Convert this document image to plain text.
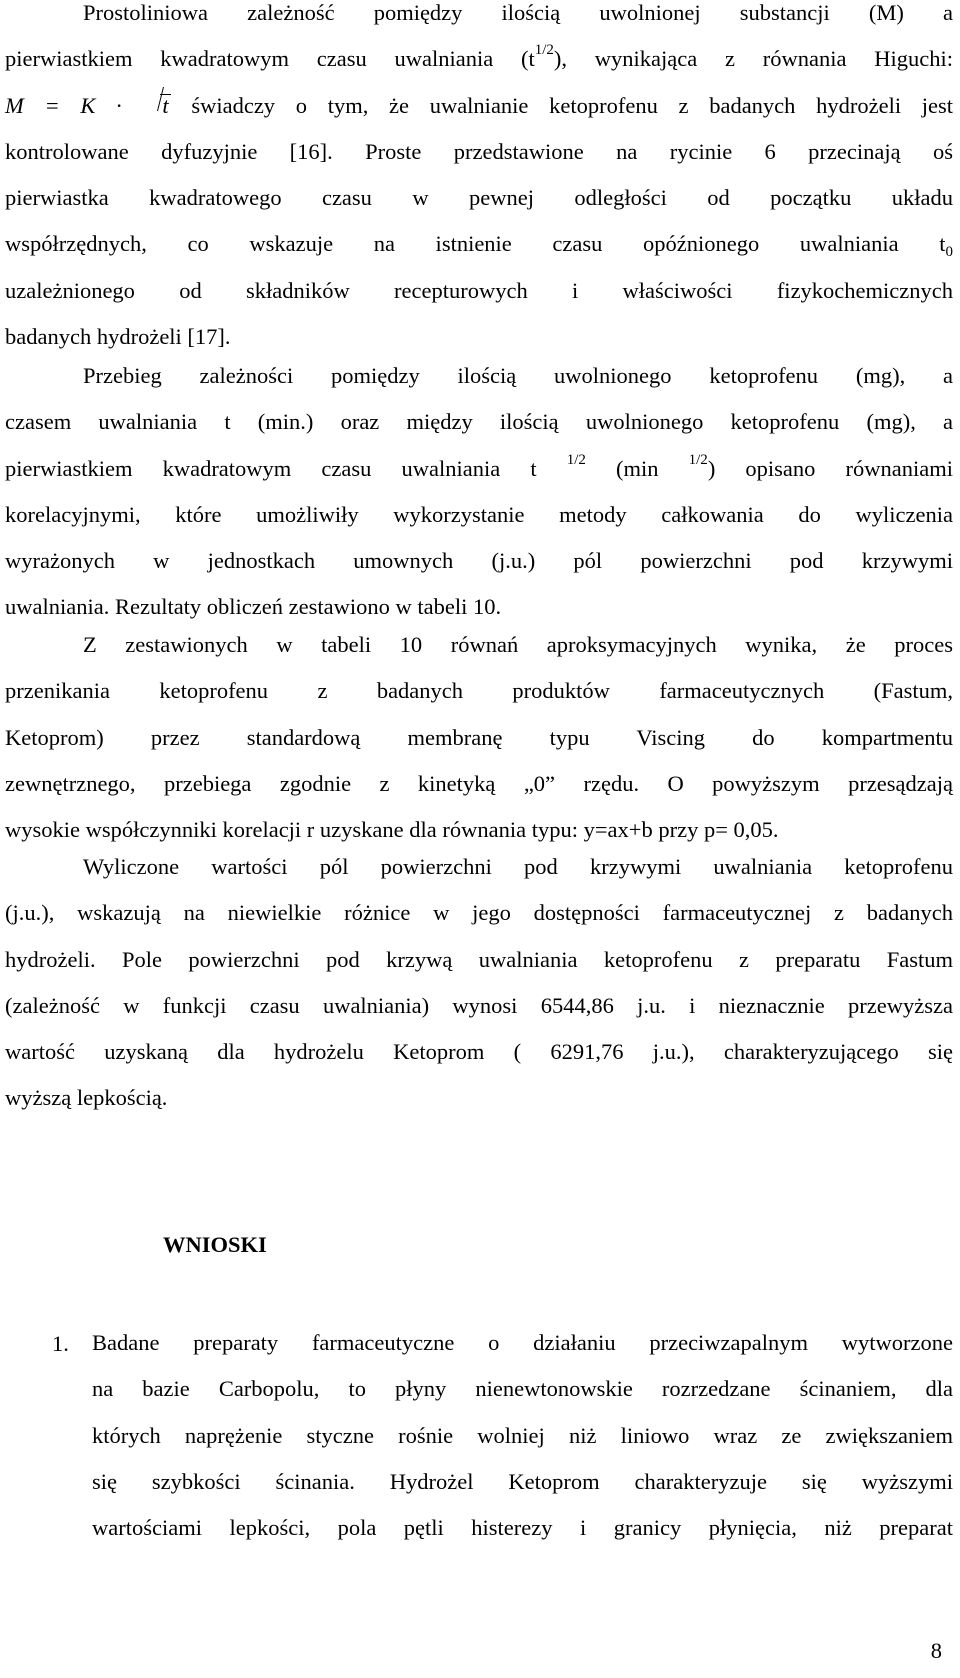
Prostoliniowa zależność pomiędzy ilością uwolnionej substancji (M) a
pierwiastkiem kwadratowym czasu uwalniania $(t^{1/2})$, wynikająca z równania Higuchi:
M = K · t świadczy o tym, że uwalnianie ketoprofenu z badanych hydrożeli jest
kontrolowane dyfuzyjnie [16]. Proste przedstawione na rycinie 6 przecinają oś
pierwiastka kwadratowego czasu w pewnej odległości od początku układu
współrzędnych, co wskazuje na istnienie czasu opóźnionego uwalniania $t_0$
uzależnionego od składników recepturowych i właściwości fizykochemicznych
badanych hydrożeli [17].
Przebieg zależności pomiędzy ilością uwolnionego ketoprofenu (mg), a
czasem uwalniania t (min.) oraz między ilością uwolnionego ketoprofenu (mg), a
pierwiastkiem kwadratowym czasu uwalniania t $^{1/2}$ (min $^{1/2}$) opisano równaniami
korelacyjnymi, które umożliwiły wykorzystanie metody całkowania do wyliczenia
wyrażonych w jednostkach umownych (j.u.) pól powierzchni pod krzywymi
uwalniania. Rezultaty obliczeń zestawiono w tabeli 10.
Z zestawionych w tabeli 10 równań aproksymacyjnych wynika, że proces
przenikania ketoprofenu z badanych produktów farmaceutycznych (Fastum,
Ketoprom) przez standardową membranę typu Viscing do kompartmentu
zewnętrznego, przebiega zgodnie z kinetyką „0” rzędu. O powyższym przesądzają
wysokie współczynniki korelacji r uzyskane dla równania typu: y=ax+b przy p= 0,05.
Wyliczone wartości pól powierzchni pod krzywymi uwalniania ketoprofenu
(j.u.), wskazują na niewielkie różnice w jego dostępności farmaceutycznej z badanych
hydrożeli. Pole powierzchni pod krzywą uwalniania ketoprofenu z preparatu Fastum
(zależność w funkcji czasu uwalniania) wynosi 6544,86 j.u. i nieznacznie przewyższa
wartość uzyskaną dla hydrożelu Ketoprom ( 6291,76 j.u.), charakteryzującego się
wyższą lepkością.
WNIOSKI
1. Badane preparaty farmaceutyczne o działaniu przeciwzapalnym wytworzone
na bazie Carbopolu, to płyny nienewtonowskie rozrzedzane ścinaniem, dla
których naprężenie styczne rośnie wolniej niż liniowo wraz ze zwiększaniem
się szybkości ścinania. Hydrożel Ketoprom charakteryzuje się wyższymi
wartościami lepkości, pola pętli histerezy i granicy płynięcia, niż preparat
8
